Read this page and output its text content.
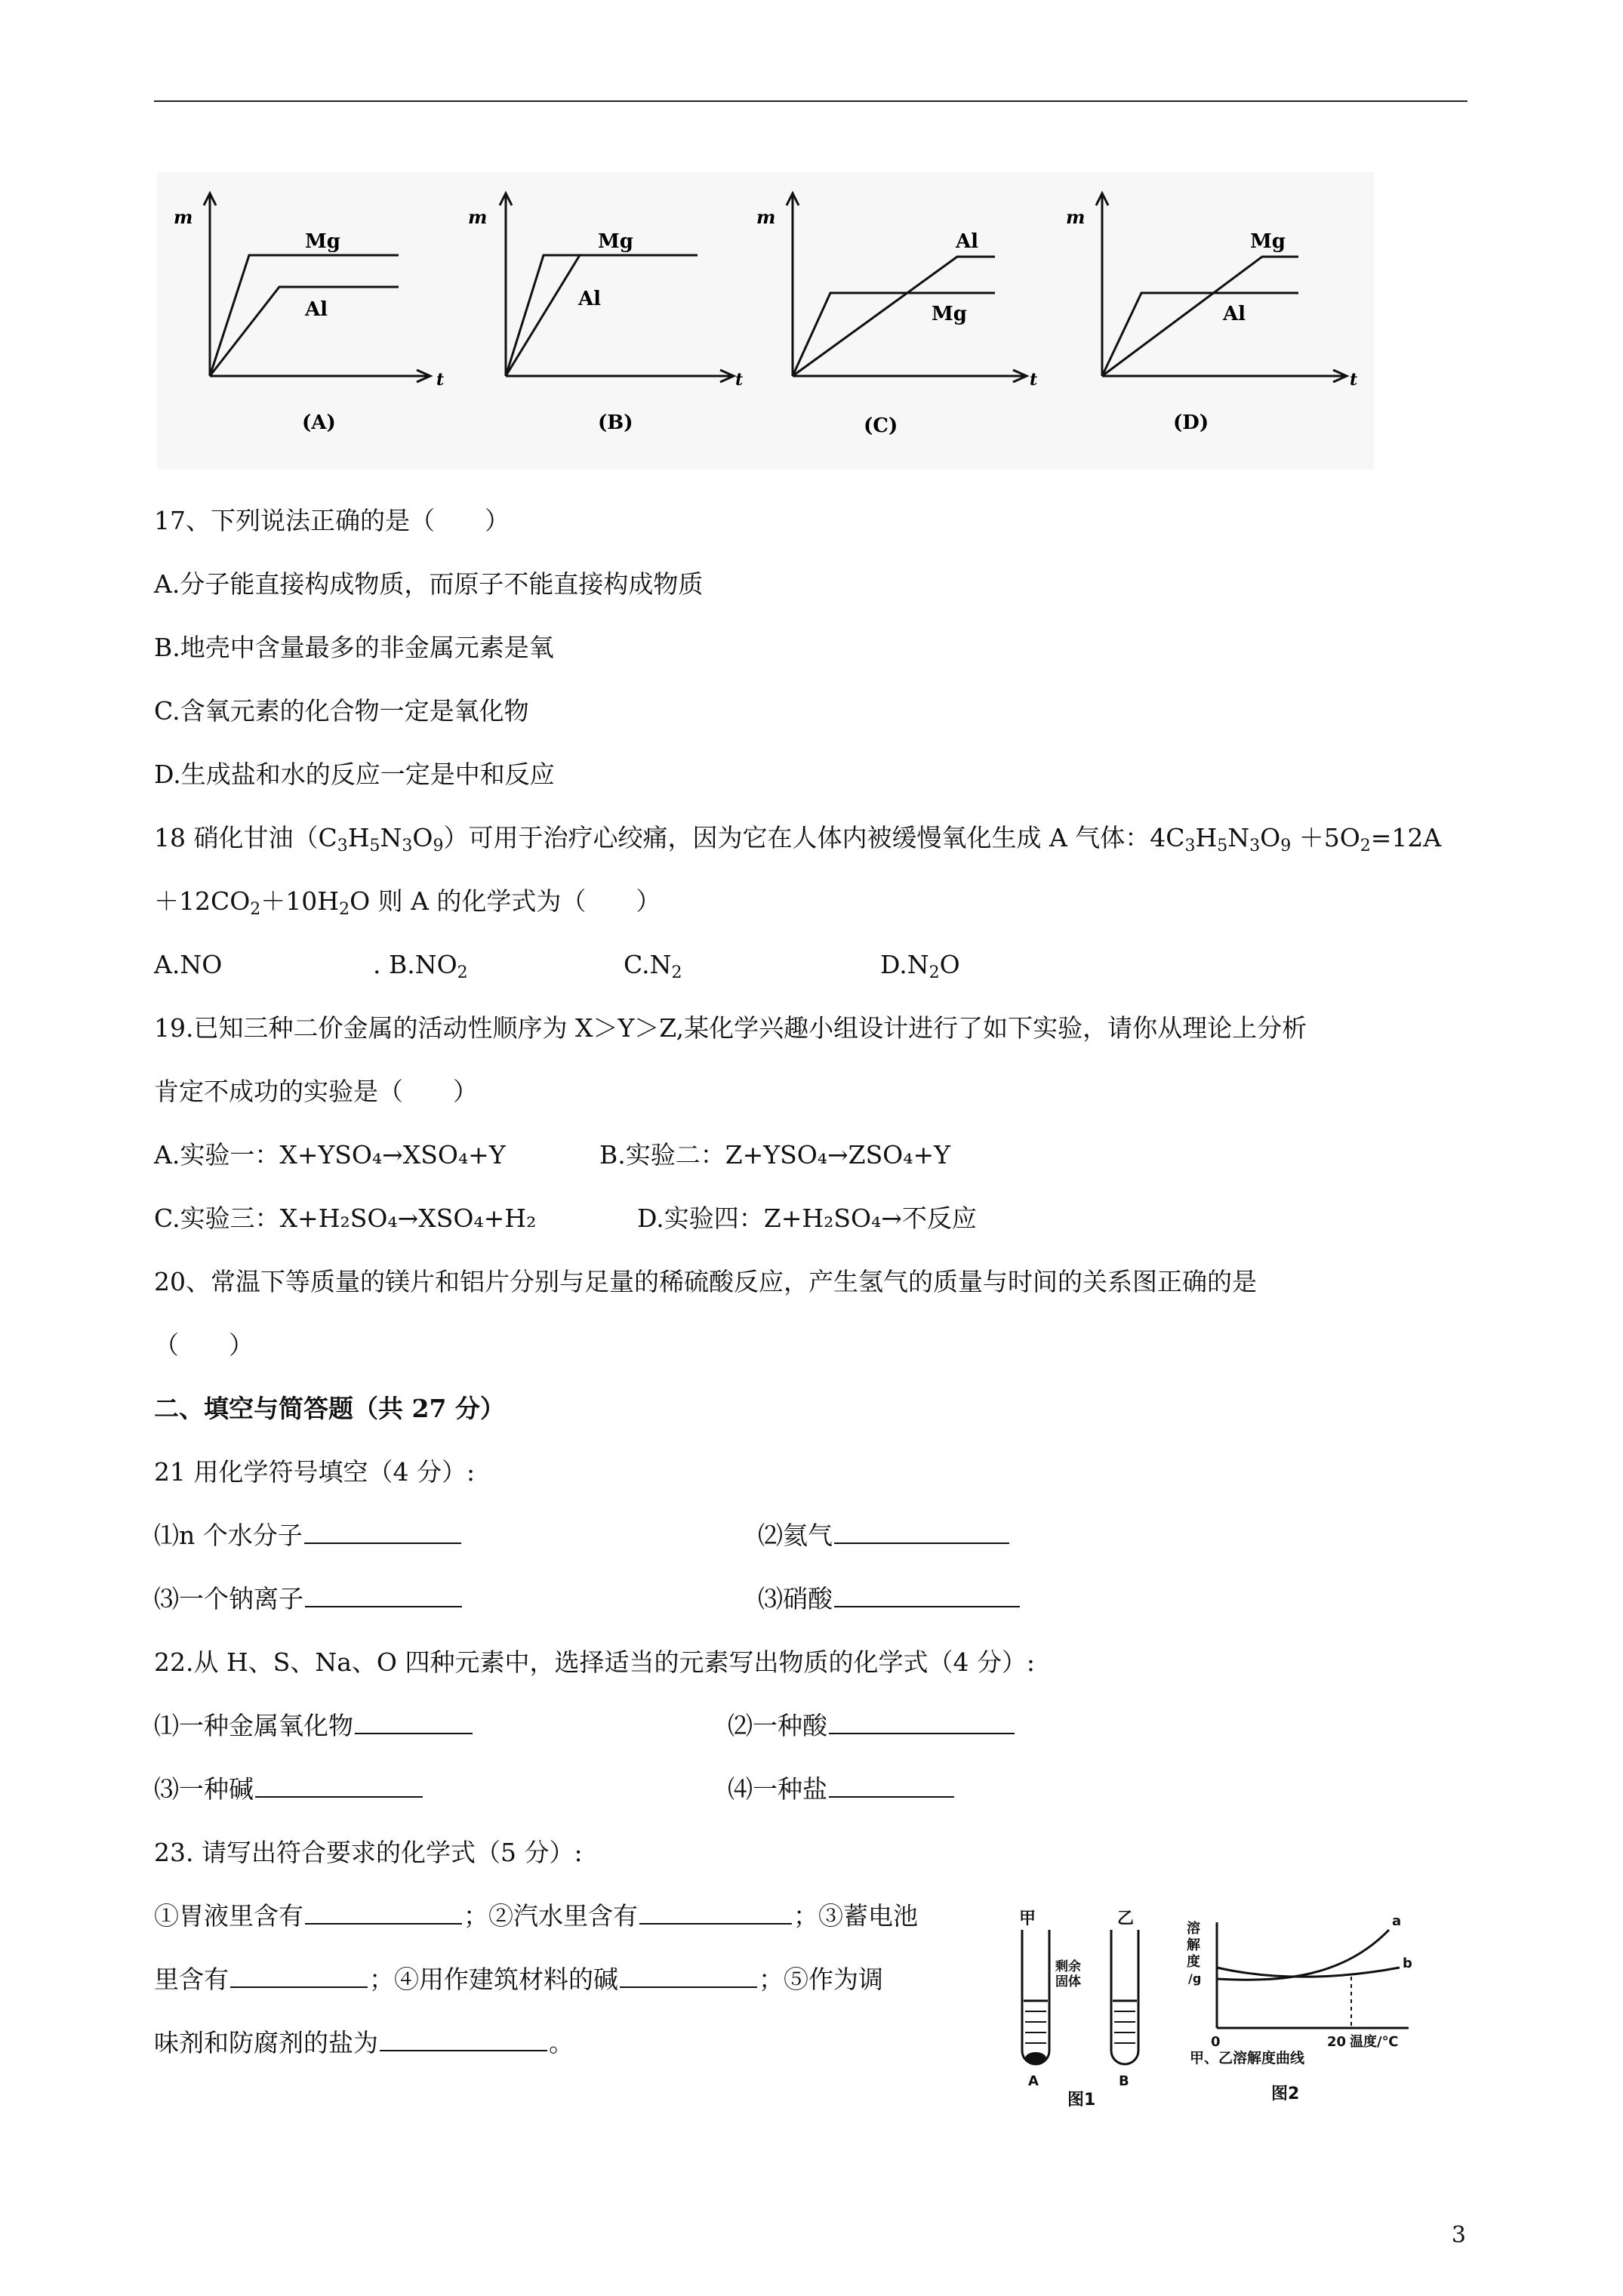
m
t
Mg
Al
(A)
m
t
Mg
Al
(B)
m
t
Al
Mg
(C)
m
t
Mg
Al
(D)
17、下列说法正确的是（　　）
A.分子能直接构成物质，而原子不能直接构成物质
B.地壳中含量最多的非金属元素是氧
C.含氧元素的化合物一定是氧化物
D.生成盐和水的反应一定是中和反应
18 硝化甘油$(C_3H_5N_3O_9)$可用于治疗心绞痛，因为它在人体内被缓慢氧化生成 A 气体：$4C_3H_5N_3O_9 +5O_2=12A$
$+12CO_2+10H_2O$ 则 A 的化学式为（　　）
A.NO	. $B.NO_2$	$C.N_2$	$D.N_2O$
19.已知三种二价金属的活动性顺序为 X＞Y＞Z,某化学兴趣小组设计进行了如下实验，请你从理论上分析
肯定不成功的实验是（　　）
A.实验一：X+YSO₄→XSO₄+Y	B.实验二：Z+YSO₄→ZSO₄+Y
C.实验三：X+H₂SO₄→XSO₄+H₂	D.实验四：Z+H₂SO₄→不反应
20、常温下等质量的镁片和铝片分别与足量的稀硫酸反应，产生氢气的质量与时间的关系图正确的是
（　　）
二、填空与简答题（共 27 分）
21 用化学符号填空（4 分）:
⑴n 个水分子	⑵氦气
⑶一个钠离子	⑶硝酸
22.从 H、S、Na、O 四种元素中，选择适当的元素写出物质的化学式（4 分）:
⑴一种金属氧化物	⑵一种酸
⑶一种碱	⑷一种盐
23. 请写出符合要求的化学式（5 分）:
①胃液里含有	；②汽水里含有	；③蓄电池
里含有	；④用作建筑材料的碱	；⑤作为调
味剂和防腐剂的盐为	。
甲	乙
剩余
固体
A	B
图1
溶
解
度
/g
a
b
0	20 温度/℃
甲、乙溶解度曲线
图2
3
